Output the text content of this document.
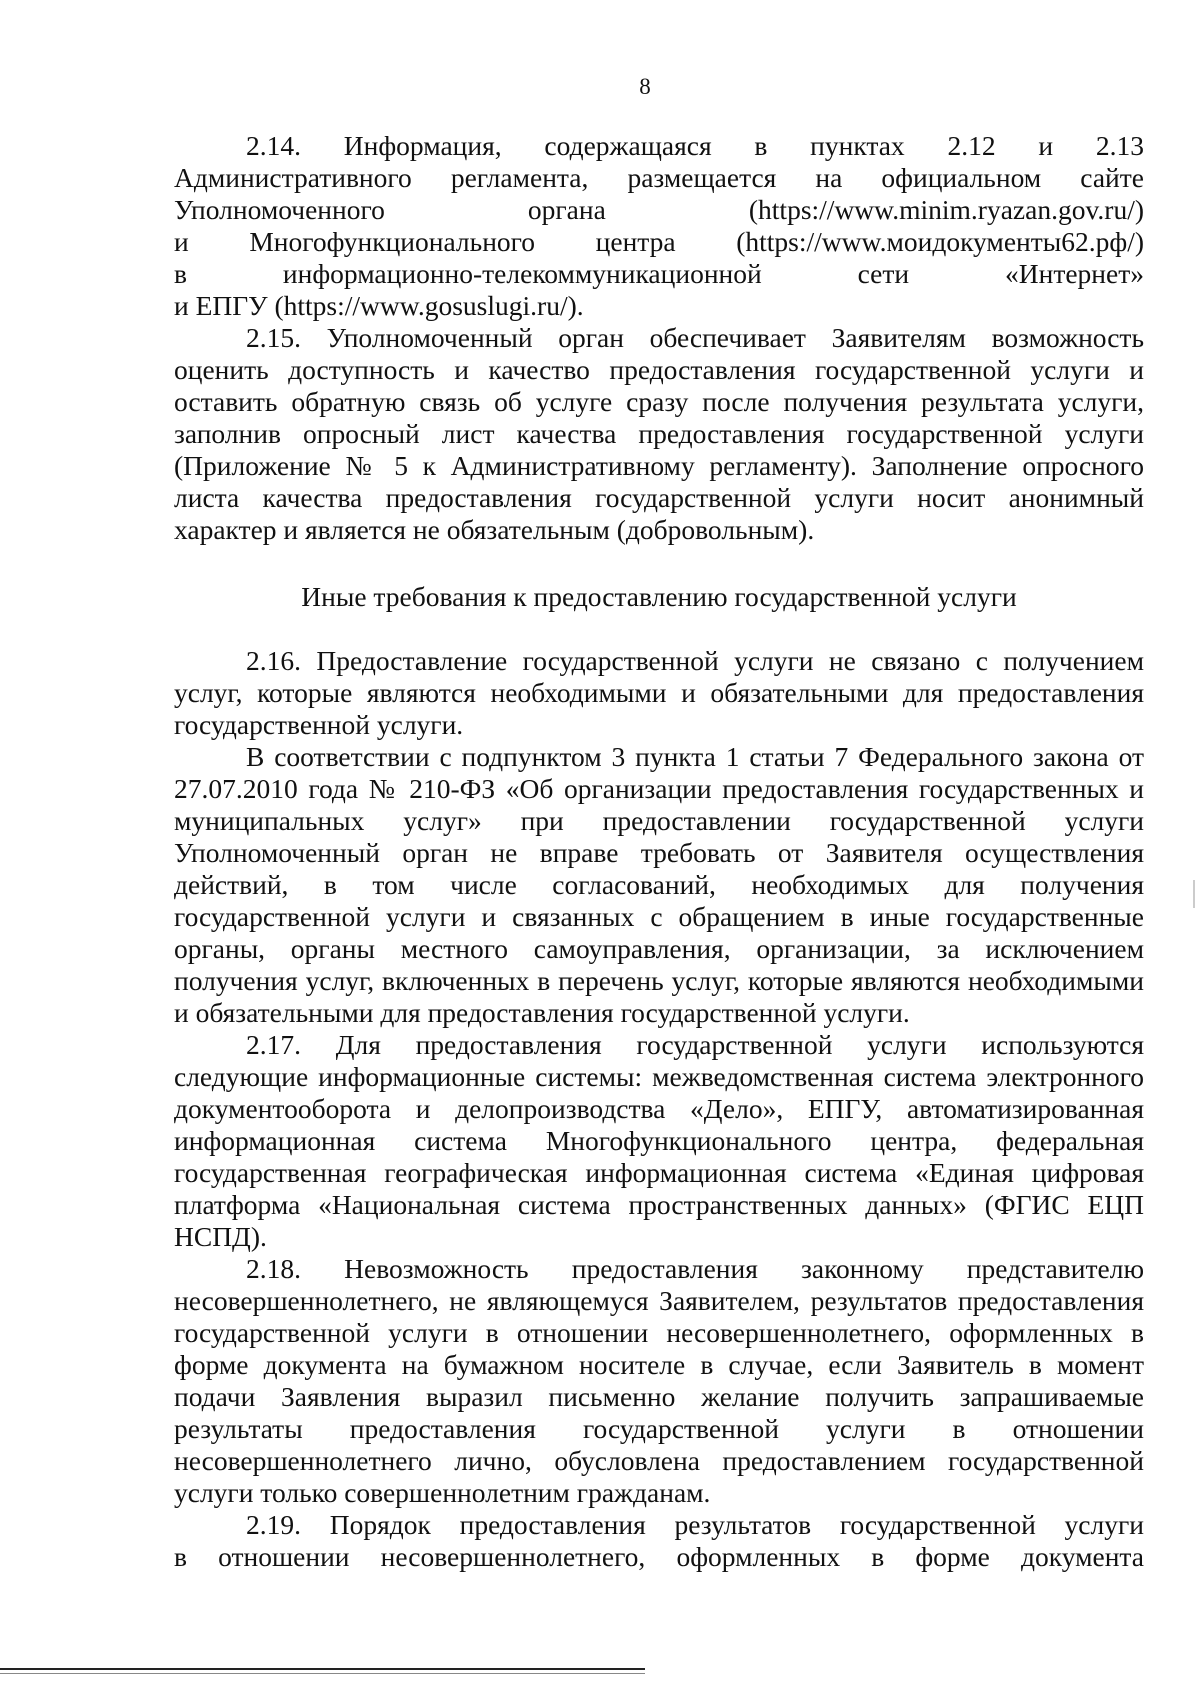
8
2.14. Информация, содержащаяся в пунктах 2.12 и 2.13
Административного регламента, размещается на официальном сайте
Уполномоченного органа (https://www.minim.ryazan.gov.ru/)
и Многофункционального центра (https://www.моидокументы62.рф/)
в информационно-телекоммуникационной сети «Интернет»
и ЕПГУ (https://www.gosuslugi.ru/).

2.15. Уполномоченный орган обеспечивает Заявителям возможность оценить доступность и качество предоставления государственной услуги и оставить обратную связь об услуге сразу после получения результата услуги, заполнив опросный лист качества предоставления государственной услуги (Приложение № 5 к Административному регламенту). Заполнение опросного листа качества предоставления государственной услуги носит анонимный характер и является не обязательным (добровольным).

Иные требования к предоставлению государственной услуги

2.16. Предоставление государственной услуги не связано с получением услуг, которые являются необходимыми и обязательными для предоставления государственной услуги.

В соответствии с подпунктом 3 пункта 1 статьи 7 Федерального закона от 27.07.2010 года № 210-ФЗ «Об организации предоставления государственных и муниципальных услуг» при предоставлении государственной услуги Уполномоченный орган не вправе требовать от Заявителя осуществления действий, в том числе согласований, необходимых для получения государственной услуги и связанных с обращением в иные государственные органы, органы местного самоуправления, организации, за исключением получения услуг, включенных в перечень услуг, которые являются необходимыми и обязательными для предоставления государственной услуги.

2.17. Для предоставления государственной услуги используются следующие информационные системы: межведомственная система электронного документооборота и делопроизводства «Дело», ЕПГУ, автоматизированная информационная система Многофункционального центра, федеральная государственная географическая информационная система «Единая цифровая платформа «Национальная система пространственных данных» (ФГИС ЕЦП НСПД).

2.18. Невозможность предоставления законному представителю несовершеннолетнего, не являющемуся Заявителем, результатов предоставления государственной услуги в отношении несовершеннолетнего, оформленных в форме документа на бумажном носителе в случае, если Заявитель в момент подачи Заявления выразил письменно желание получить запрашиваемые результаты предоставления государственной услуги в отношении несовершеннолетнего лично, обусловлена предоставлением государственной услуги только совершеннолетним гражданам.

2.19. Порядок предоставления результатов государственной услуги
в отношении несовершеннолетнего, оформленных в форме документа
